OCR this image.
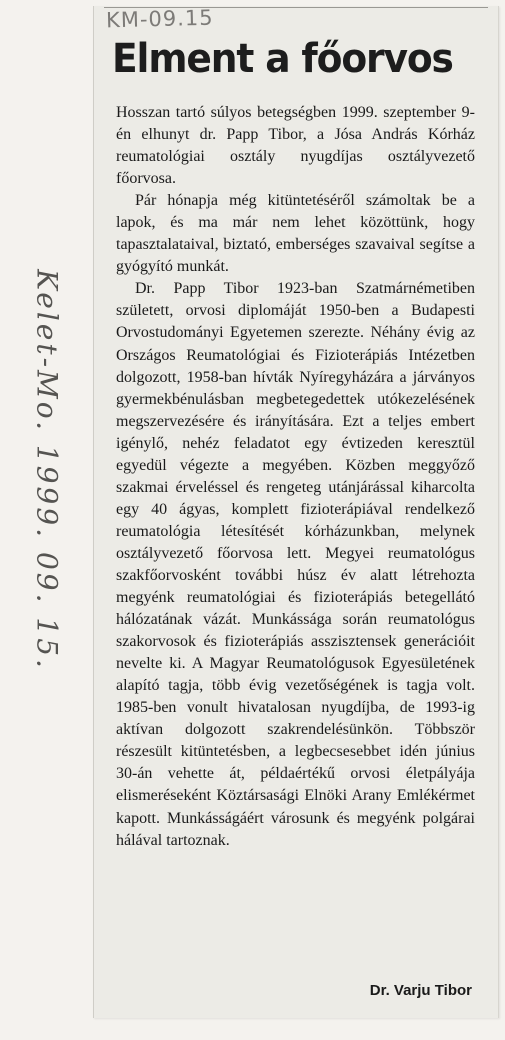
Kelet-Mo. 1999. 09. 15.
KM-09.15
Elment a főorvos

Hosszan tartó súlyos betegségben 1999. szeptember 9-én elhunyt dr. Papp Tibor, a Jósa András Kórház reumatológiai osztály nyugdíjas osztályvezető főorvosa.

Pár hónapja még kitüntetéséről számoltak be a lapok, és ma már nem lehet közöttünk, hogy tapasztalataival, biztató, emberséges szavaival segítse a gyógyító munkát.

Dr. Papp Tibor 1923-ban Szatmárnémetiben született, orvosi diplomáját 1950-ben a Budapesti Orvostudományi Egyetemen szerezte. Néhány évig az Országos Reumatológiai és Fizioterápiás Intézetben dolgozott, 1958-ban hívták Nyíregyházára a járványos gyermekbénulásban megbetegedettek utókezelésének megszervezésére és irányítására. Ezt a teljes embert igénylő, nehéz feladatot egy évtizeden keresztül egyedül végezte a megyében. Közben meggyőző szakmai érveléssel és rengeteg utánjárással kiharcolta egy 40 ágyas, komplett fizioterápiával rendelkező reumatológia létesítését kórházunkban, melynek osztályvezető főorvosa lett. Megyei reumatológus szakfőorvosként további húsz év alatt létrehozta megyénk reumatológiai és fizioterápiás betegellátó hálózatának vázát. Munkássága során reumatológus szakorvosok és fizioterápiás asszisztensek generációit nevelte ki. A Magyar Reumatológusok Egyesületének alapító tagja, több évig vezetőségének is tagja volt. 1985-ben vonult hivatalosan nyugdíjba, de 1993-ig aktívan dolgozott szakrendelésünkön. Többször részesült kitüntetésben, a legbecsesebbet idén június 30-án vehette át, példaértékű orvosi életpályája elismeréseként Köztársasági Elnöki Arany Emlékérmet kapott. Munkásságáért városunk és megyénk polgárai hálával tartoznak.

Dr. Varju Tibor
